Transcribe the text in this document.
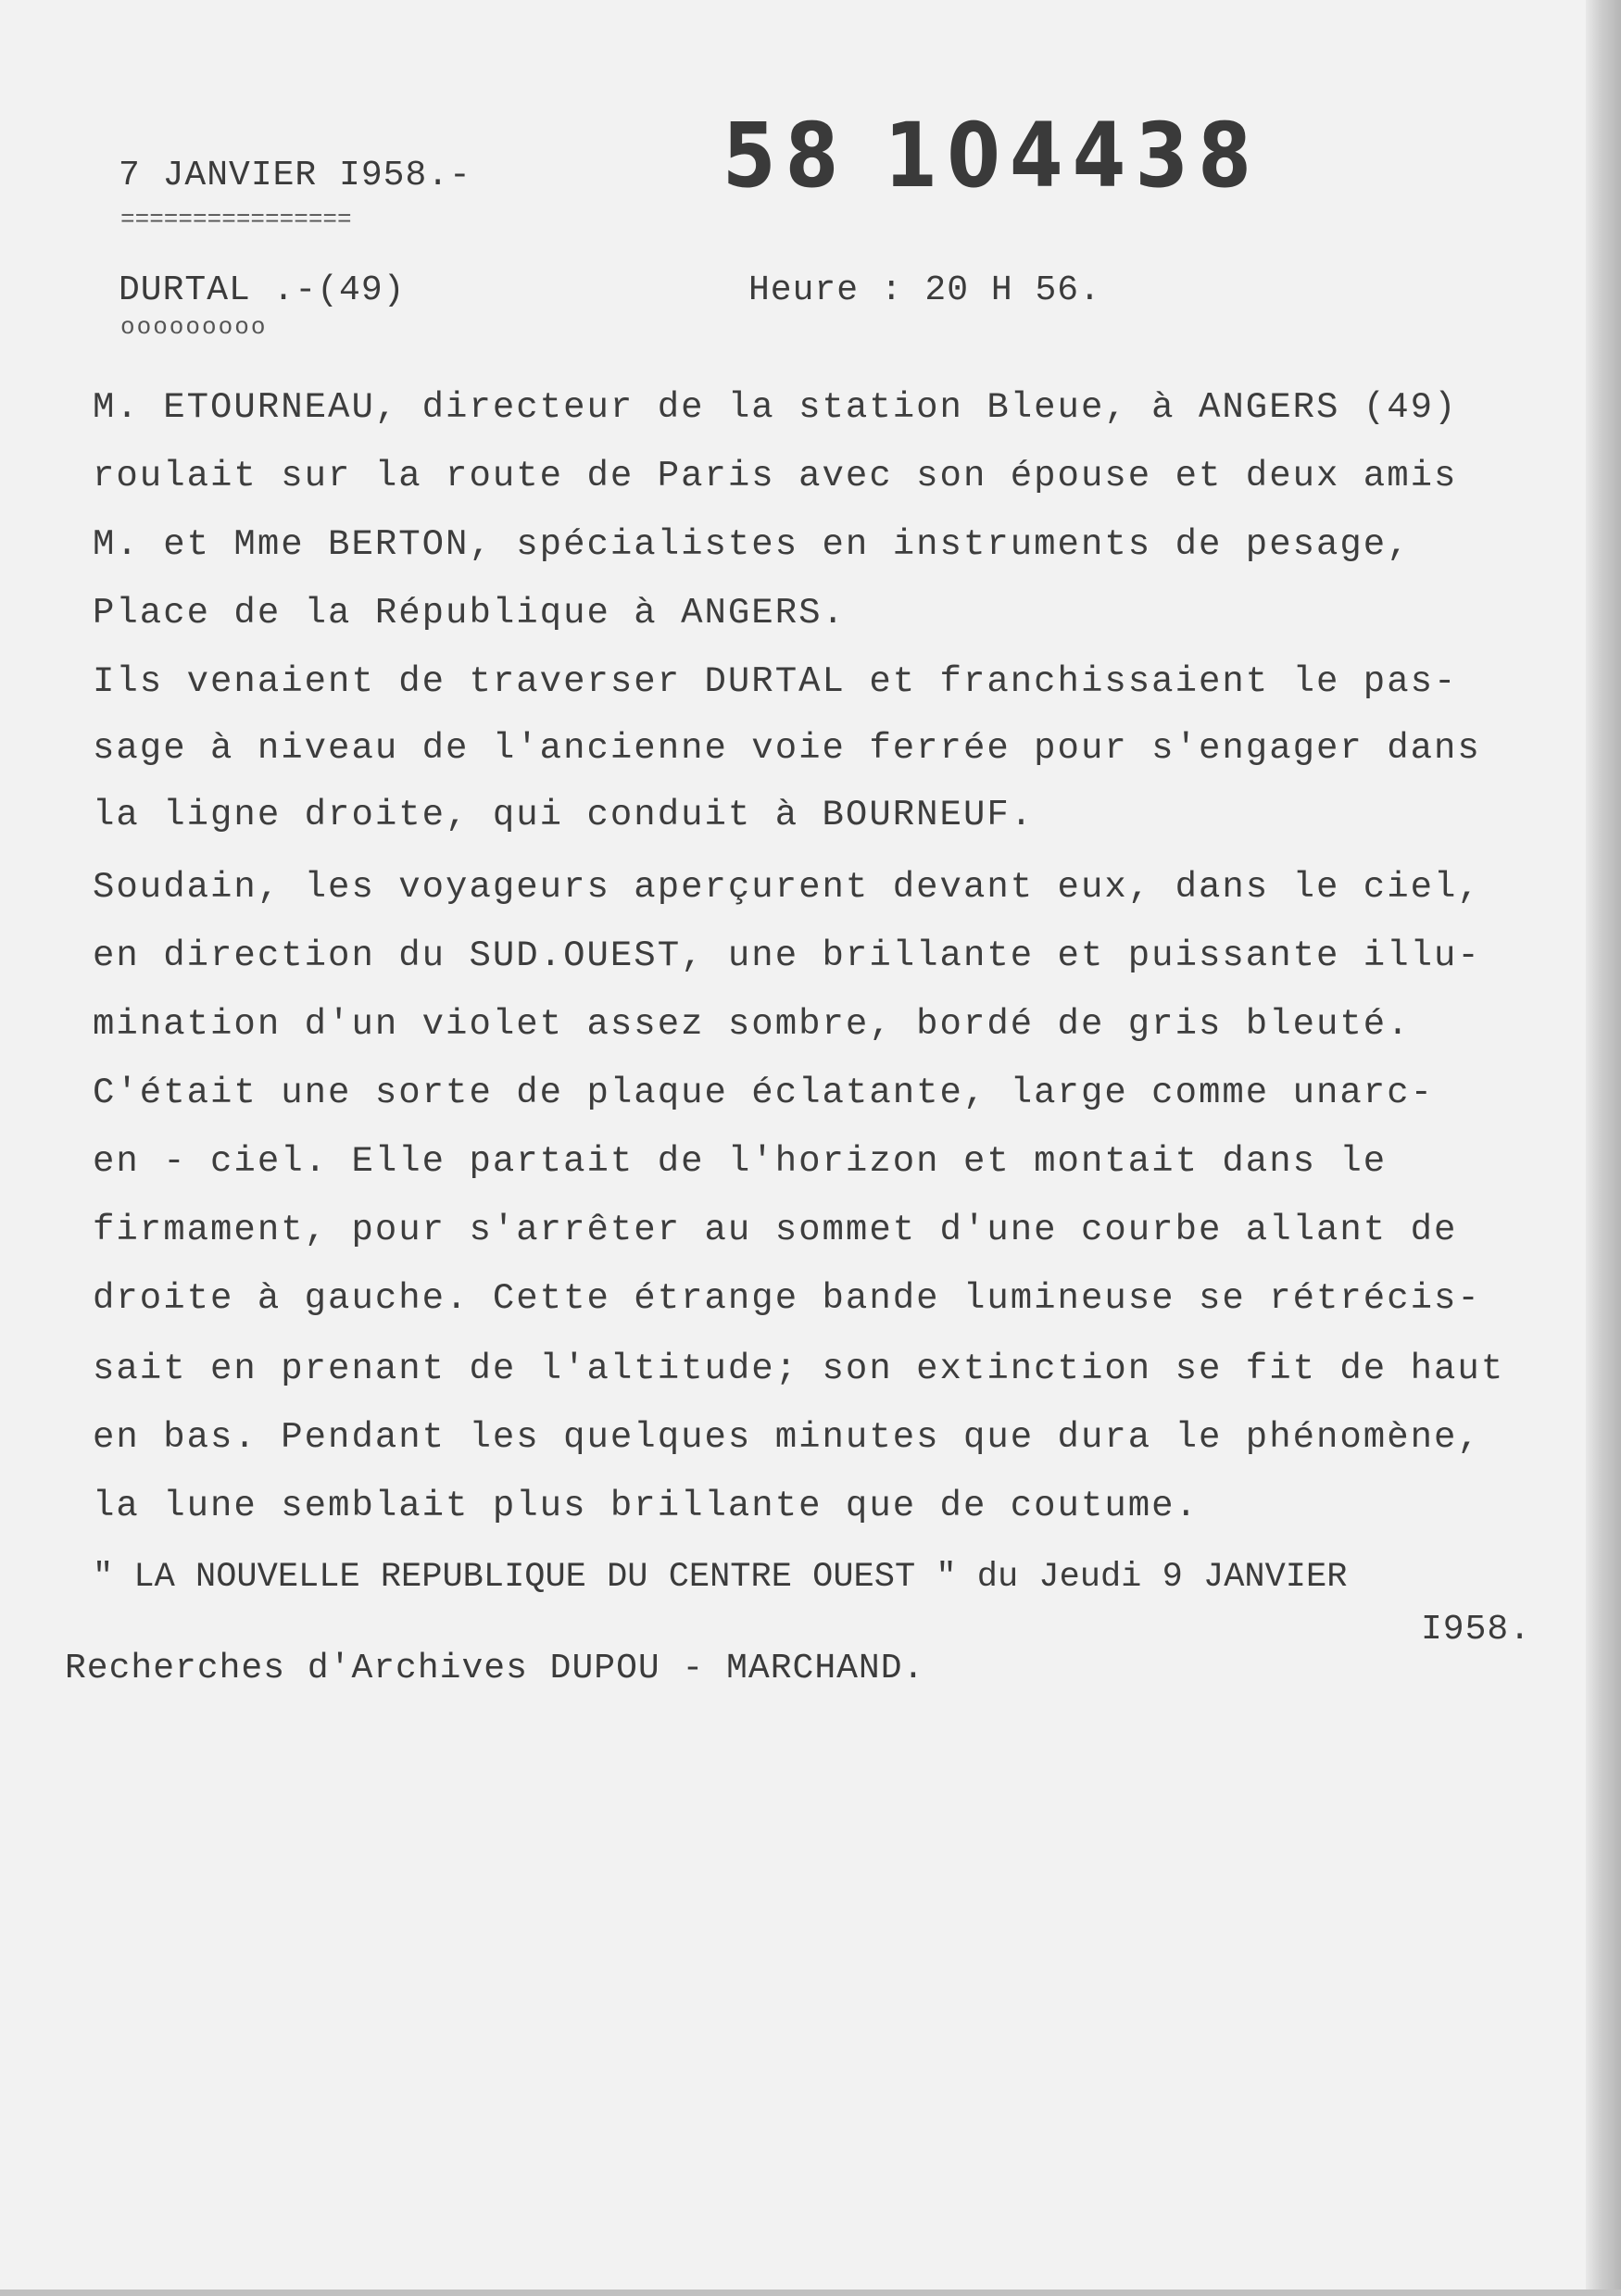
7 JANVIER I958.-
================
58 104438
DURTAL .-(49)
ooooooooo
Heure : 20 H 56.
M. ETOURNEAU, directeur de la station Bleue, à ANGERS (49)
roulait sur la route de Paris avec son épouse et deux amis
M. et Mme BERTON, spécialistes en instruments de pesage,
Place de la République à ANGERS.
Ils venaient de traverser DURTAL et franchissaient le pas-
sage à niveau de l'ancienne voie ferrée pour s'engager dans
la ligne droite, qui conduit à BOURNEUF.
Soudain, les voyageurs aperçurent devant eux, dans le ciel,
en direction du SUD.OUEST, une brillante et puissante illu-
mination d'un violet assez sombre, bordé de gris bleuté.
C'était une sorte de plaque éclatante, large comme unarc-
en - ciel. Elle partait de l'horizon et montait dans le
firmament, pour s'arrêter au sommet d'une courbe allant de
droite à gauche. Cette étrange bande lumineuse se rétrécis-
sait en prenant de l'altitude; son extinction se fit de haut
en bas. Pendant les quelques minutes que dura le phénomène,
la lune semblait plus brillante que de coutume.
" LA NOUVELLE REPUBLIQUE DU CENTRE OUEST " du Jeudi 9 JANVIER
I958.
Recherches d'Archives DUPOU - MARCHAND.
